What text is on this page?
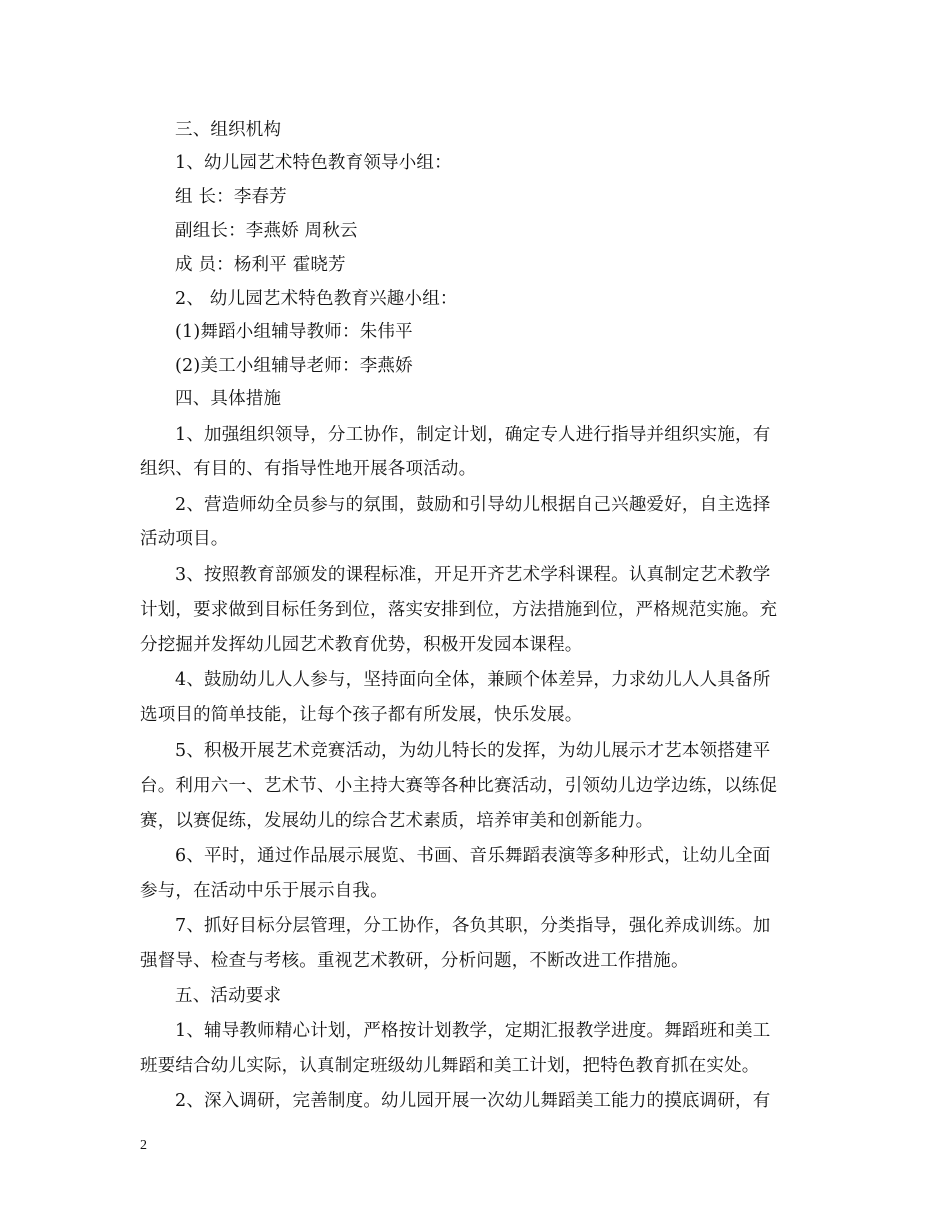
三、组织机构
1、幼儿园艺术特色教育领导小组：
组 长：李春芳
副组长：李燕娇 周秋云
成 员：杨利平 霍晓芳
2、 幼儿园艺术特色教育兴趣小组：
(1)舞蹈小组辅导教师：朱伟平
(2)美工小组辅导老师：李燕娇
四、具体措施
1、加强组织领导，分工协作，制定计划，确定专人进行指导并组织实施，有
组织、有目的、有指导性地开展各项活动。
2、营造师幼全员参与的氛围，鼓励和引导幼儿根据自己兴趣爱好，自主选择
活动项目。
3、按照教育部颁发的课程标准，开足开齐艺术学科课程。认真制定艺术教学
计划，要求做到目标任务到位，落实安排到位，方法措施到位，严格规范实施。充
分挖掘并发挥幼儿园艺术教育优势，积极开发园本课程。
4、鼓励幼儿人人参与，坚持面向全体，兼顾个体差异，力求幼儿人人具备所
选项目的简单技能，让每个孩子都有所发展，快乐发展。
5、积极开展艺术竞赛活动，为幼儿特长的发挥，为幼儿展示才艺本领搭建平
台。利用六一、艺术节、小主持大赛等各种比赛活动，引领幼儿边学边练，以练促
赛，以赛促练，发展幼儿的综合艺术素质，培养审美和创新能力。
6、平时，通过作品展示展览、书画、音乐舞蹈表演等多种形式，让幼儿全面
参与，在活动中乐于展示自我。
7、抓好目标分层管理，分工协作，各负其职，分类指导，强化养成训练。加
强督导、检查与考核。重视艺术教研，分析问题，不断改进工作措施。
五、活动要求
1、辅导教师精心计划，严格按计划教学，定期汇报教学进度。舞蹈班和美工
班要结合幼儿实际，认真制定班级幼儿舞蹈和美工计划，把特色教育抓在实处。
2、深入调研，完善制度。幼儿园开展一次幼儿舞蹈美工能力的摸底调研，有
2
